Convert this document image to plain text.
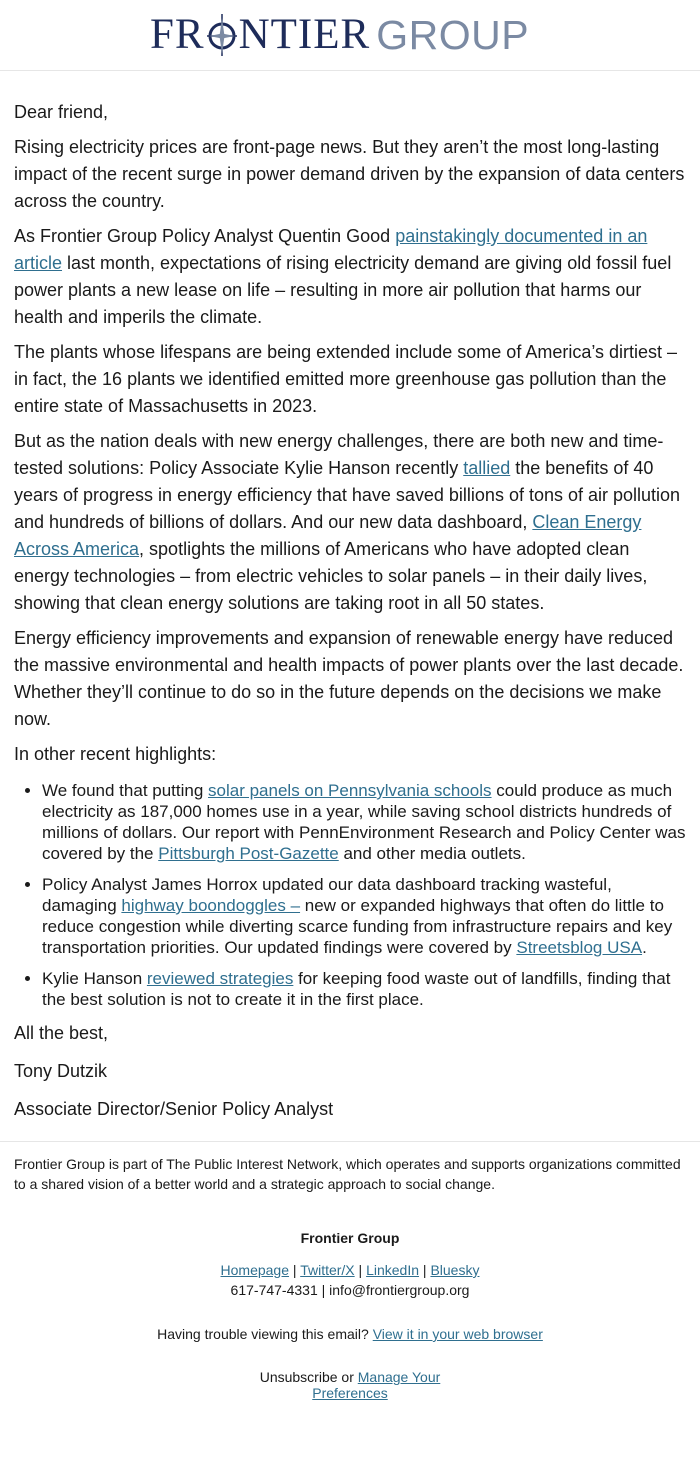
FR NTIER GROUP

Dear friend,

Rising electricity prices are front-page news. But they aren’t the most long-lasting impact of the recent surge in power demand driven by the expansion of data centers across the country.

As Frontier Group Policy Analyst Quentin Good painstakingly documented in an article last month, expectations of rising electricity demand are giving old fossil fuel power plants a new lease on life – resulting in more air pollution that harms our health and imperils the climate.

The plants whose lifespans are being extended include some of America’s dirtiest – in fact, the 16 plants we identified emitted more greenhouse gas pollution than the entire state of Massachusetts in 2023.

But as the nation deals with new energy challenges, there are both new and time-tested solutions: Policy Associate Kylie Hanson recently tallied the benefits of 40 years of progress in energy efficiency that have saved billions of tons of air pollution and hundreds of billions of dollars. And our new data dashboard, Clean Energy Across America, spotlights the millions of Americans who have adopted clean energy technologies – from electric vehicles to solar panels – in their daily lives, showing that clean energy solutions are taking root in all 50 states.

Energy efficiency improvements and expansion of renewable energy have reduced the massive environmental and health impacts of power plants over the last decade. Whether they’ll continue to do so in the future depends on the decisions we make now.

In other recent highlights:

• We found that putting solar panels on Pennsylvania schools could produce as much electricity as 187,000 homes use in a year, while saving school districts hundreds of millions of dollars. Our report with PennEnvironment Research and Policy Center was covered by the Pittsburgh Post-Gazette and other media outlets.
• Policy Analyst James Horrox updated our data dashboard tracking wasteful, damaging highway boondoggles – new or expanded highways that often do little to reduce congestion while diverting scarce funding from infrastructure repairs and key transportation priorities. Our updated findings were covered by Streetsblog USA.
• Kylie Hanson reviewed strategies for keeping food waste out of landfills, finding that the best solution is not to create it in the first place.

All the best,

Tony Dutzik

Associate Director/Senior Policy Analyst

Frontier Group is part of The Public Interest Network, which operates and supports organizations committed to a shared vision of a better world and a strategic approach to social change.
Frontier Group
Homepage | Twitter/X | LinkedIn | Bluesky
617-747-4331 | info@frontiergroup.org
Having trouble viewing this email? View it in your web browser
Unsubscribe or Manage Your Preferences
